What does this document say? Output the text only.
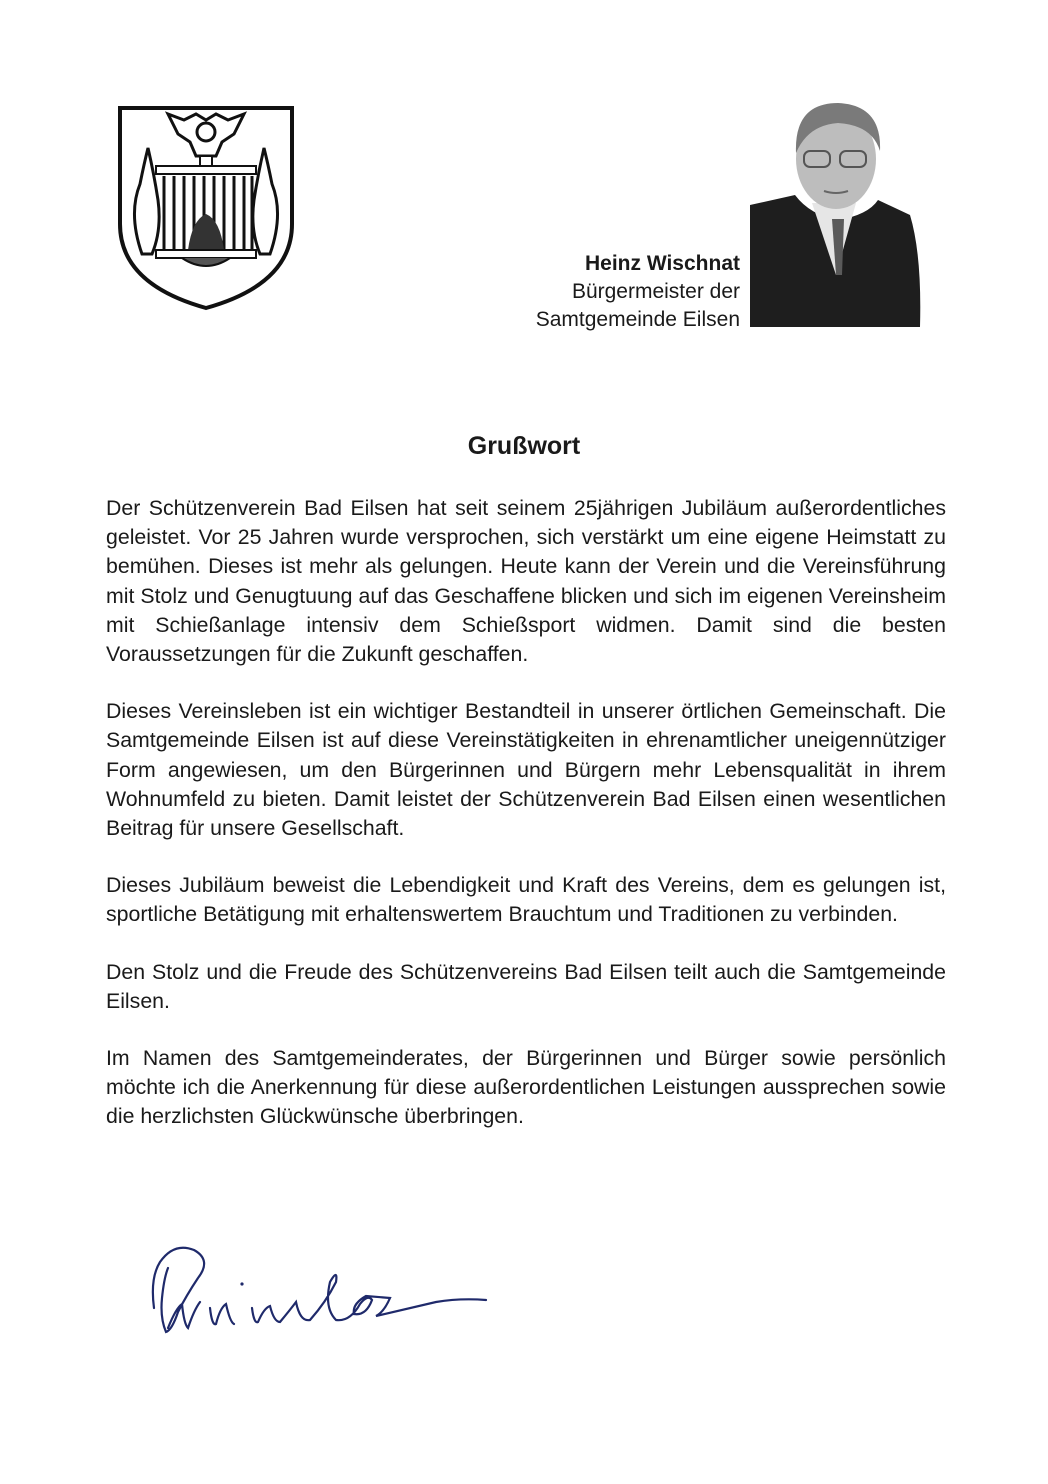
Heinz Wischnat
Bürgermeister der
Samtgemeinde Eilsen
Grußwort

Der Schützenverein Bad Eilsen hat seit seinem 25jährigen Jubiläum außerordentliches geleistet. Vor 25 Jahren wurde versprochen, sich verstärkt um eine eigene Heimstatt zu bemühen. Dieses ist mehr als gelungen. Heute kann der Verein und die Vereinsführung mit Stolz und Genugtuung auf das Geschaffene blicken und sich im eigenen Vereinsheim mit Schießanlage intensiv dem Schießsport widmen. Damit sind die besten Voraussetzungen für die Zukunft geschaffen.

Dieses Vereinsleben ist ein wichtiger Bestandteil in unserer örtlichen Gemeinschaft. Die Samtgemeinde Eilsen ist auf diese Vereinstätigkeiten in ehrenamtlicher uneigennütziger Form angewiesen, um den Bürgerinnen und Bürgern mehr Lebensqualität in ihrem Wohnumfeld zu bieten. Damit leistet der Schützenverein Bad Eilsen einen wesentlichen Beitrag für unsere Gesellschaft.

Dieses Jubiläum beweist die Lebendigkeit und Kraft des Vereins, dem es gelungen ist, sportliche Betätigung mit erhaltenswertem Brauchtum und Traditionen zu verbinden.

Den Stolz und die Freude des Schützenvereins Bad Eilsen teilt auch die Samtgemeinde Eilsen.

Im Namen des Samtgemeinderates, der Bürgerinnen und Bürger sowie persönlich möchte ich die Anerkennung für diese außerordentlichen Leistungen aussprechen sowie die herzlichsten Glückwünsche überbringen.
